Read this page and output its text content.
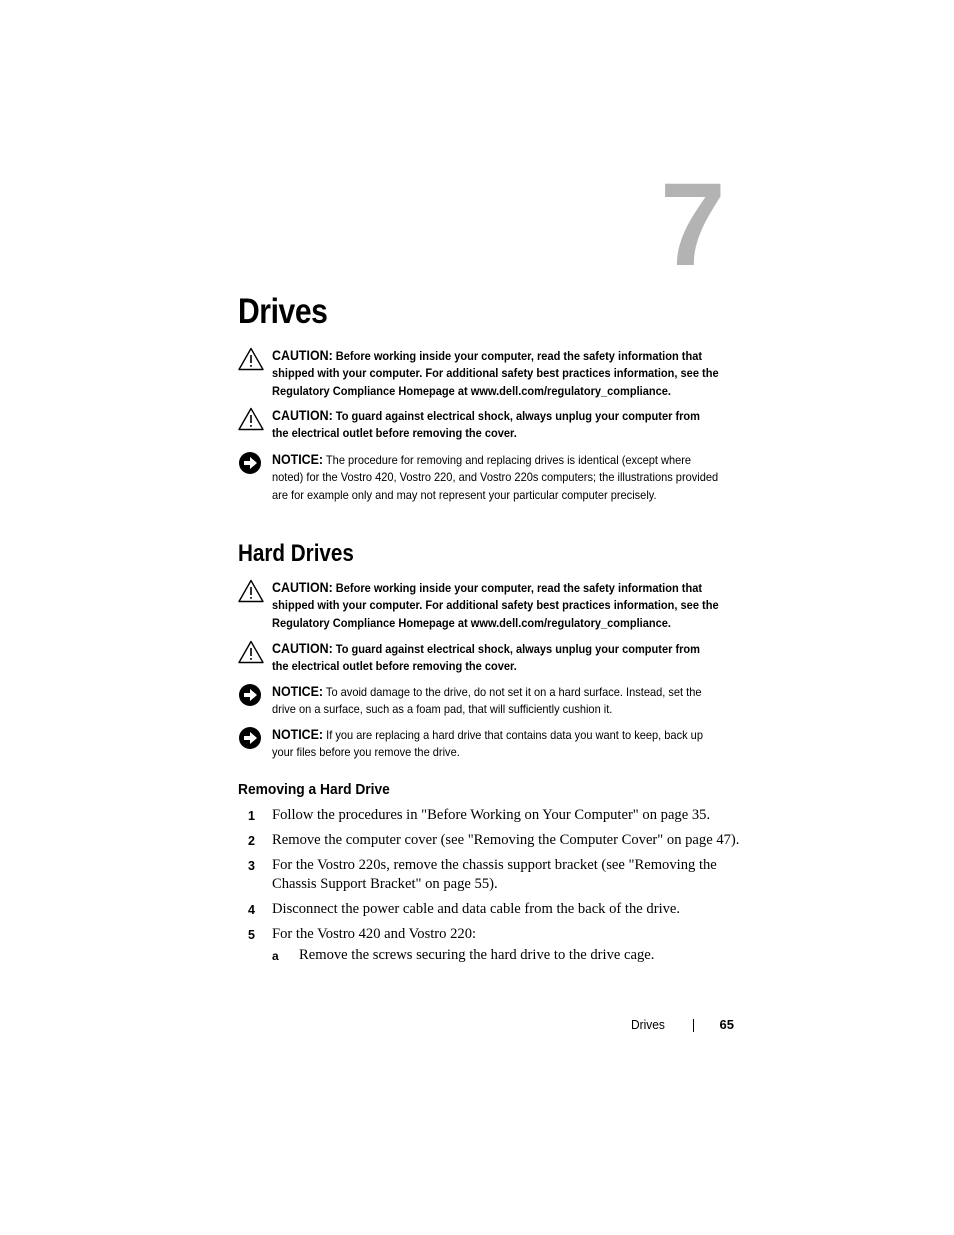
7
Drives
CAUTION: Before working inside your computer, read the safety information that shipped with your computer. For additional safety best practices information, see the Regulatory Compliance Homepage at www.dell.com/regulatory_compliance.
CAUTION: To guard against electrical shock, always unplug your computer from the electrical outlet before removing the cover.
NOTICE: The procedure for removing and replacing drives is identical (except where noted) for the Vostro 420, Vostro 220, and Vostro 220s computers; the illustrations provided are for example only and may not represent your particular computer precisely.
Hard Drives
CAUTION: Before working inside your computer, read the safety information that shipped with your computer. For additional safety best practices information, see the Regulatory Compliance Homepage at www.dell.com/regulatory_compliance.
CAUTION: To guard against electrical shock, always unplug your computer from the electrical outlet before removing the cover.
NOTICE: To avoid damage to the drive, do not set it on a hard surface. Instead, set the drive on a surface, such as a foam pad, that will sufficiently cushion it.
NOTICE: If you are replacing a hard drive that contains data you want to keep, back up your files before you remove the drive.
Removing a Hard Drive
1 Follow the procedures in "Before Working on Your Computer" on page 35.
2 Remove the computer cover (see "Removing the Computer Cover" on page 47).
3 For the Vostro 220s, remove the chassis support bracket (see "Removing the Chassis Support Bracket" on page 55).
4 Disconnect the power cable and data cable from the back of the drive.
5 For the Vostro 420 and Vostro 220:
a Remove the screws securing the hard drive to the drive cage.
Drives	65
